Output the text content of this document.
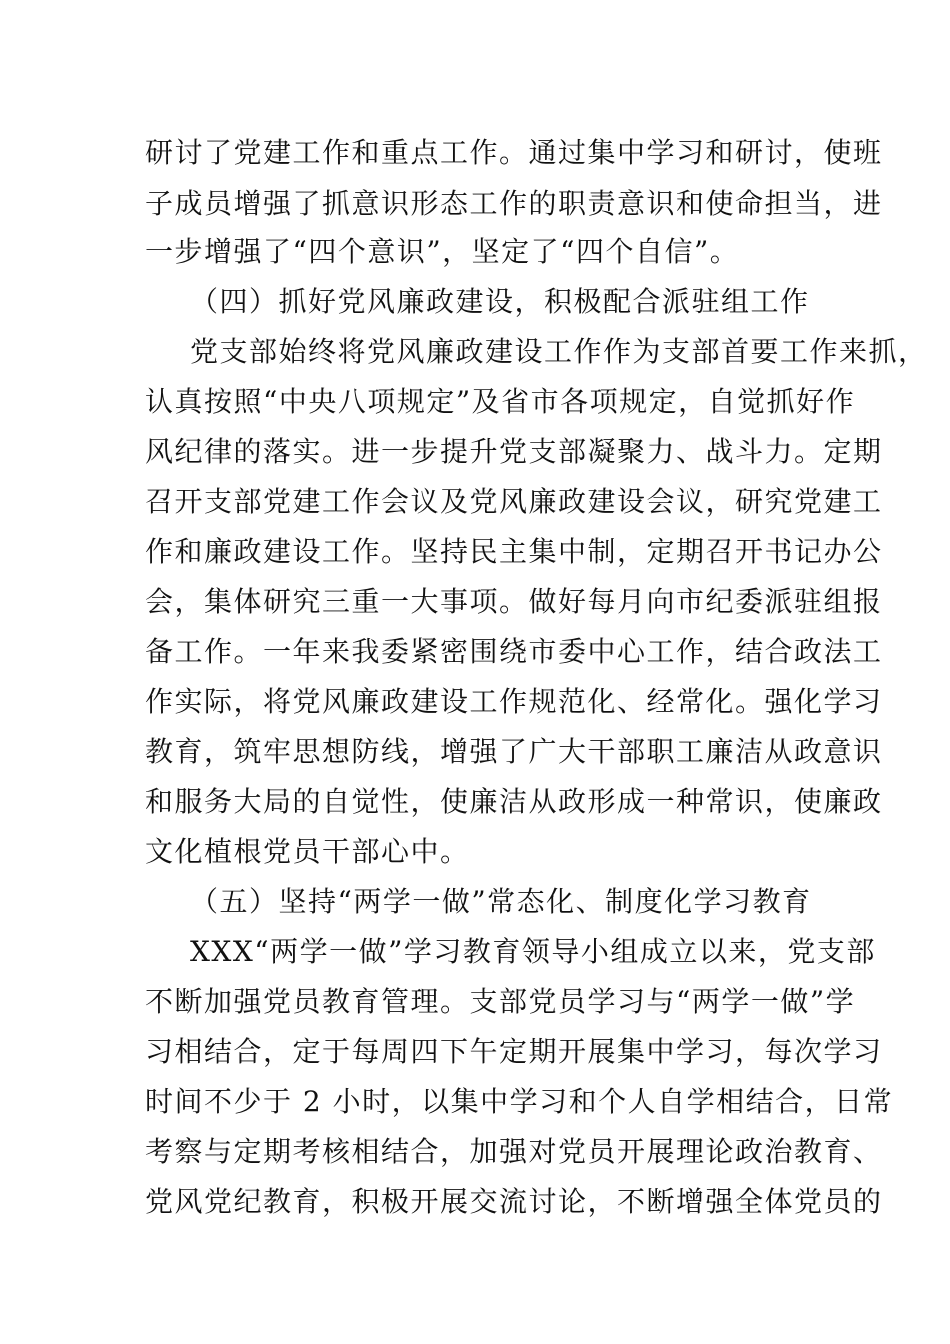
研讨了党建工作和重点工作。通过集中学习和研讨，使班
子成员增强了抓意识形态工作的职责意识和使命担当，进
一步增强了“四个意识”，坚定了“四个自信”。
（四）抓好党风廉政建设，积极配合派驻组工作
党支部始终将党风廉政建设工作作为支部首要工作来抓，
认真按照“中央八项规定”及省市各项规定，自觉抓好作
风纪律的落实。进一步提升党支部凝聚力、战斗力。定期
召开支部党建工作会议及党风廉政建设会议，研究党建工
作和廉政建设工作。坚持民主集中制，定期召开书记办公
会，集体研究三重一大事项。做好每月向市纪委派驻组报
备工作。一年来我委紧密围绕市委中心工作，结合政法工
作实际，将党风廉政建设工作规范化、经常化。强化学习
教育，筑牢思想防线，增强了广大干部职工廉洁从政意识
和服务大局的自觉性，使廉洁从政形成一种常识，使廉政
文化植根党员干部心中。
（五）坚持“两学一做”常态化、制度化学习教育
XXX“两学一做”学习教育领导小组成立以来，党支部
不断加强党员教育管理。支部党员学习与“两学一做”学
习相结合，定于每周四下午定期开展集中学习，每次学习
时间不少于 2 小时，以集中学习和个人自学相结合，日常
考察与定期考核相结合，加强对党员开展理论政治教育、
党风党纪教育，积极开展交流讨论，不断增强全体党员的
